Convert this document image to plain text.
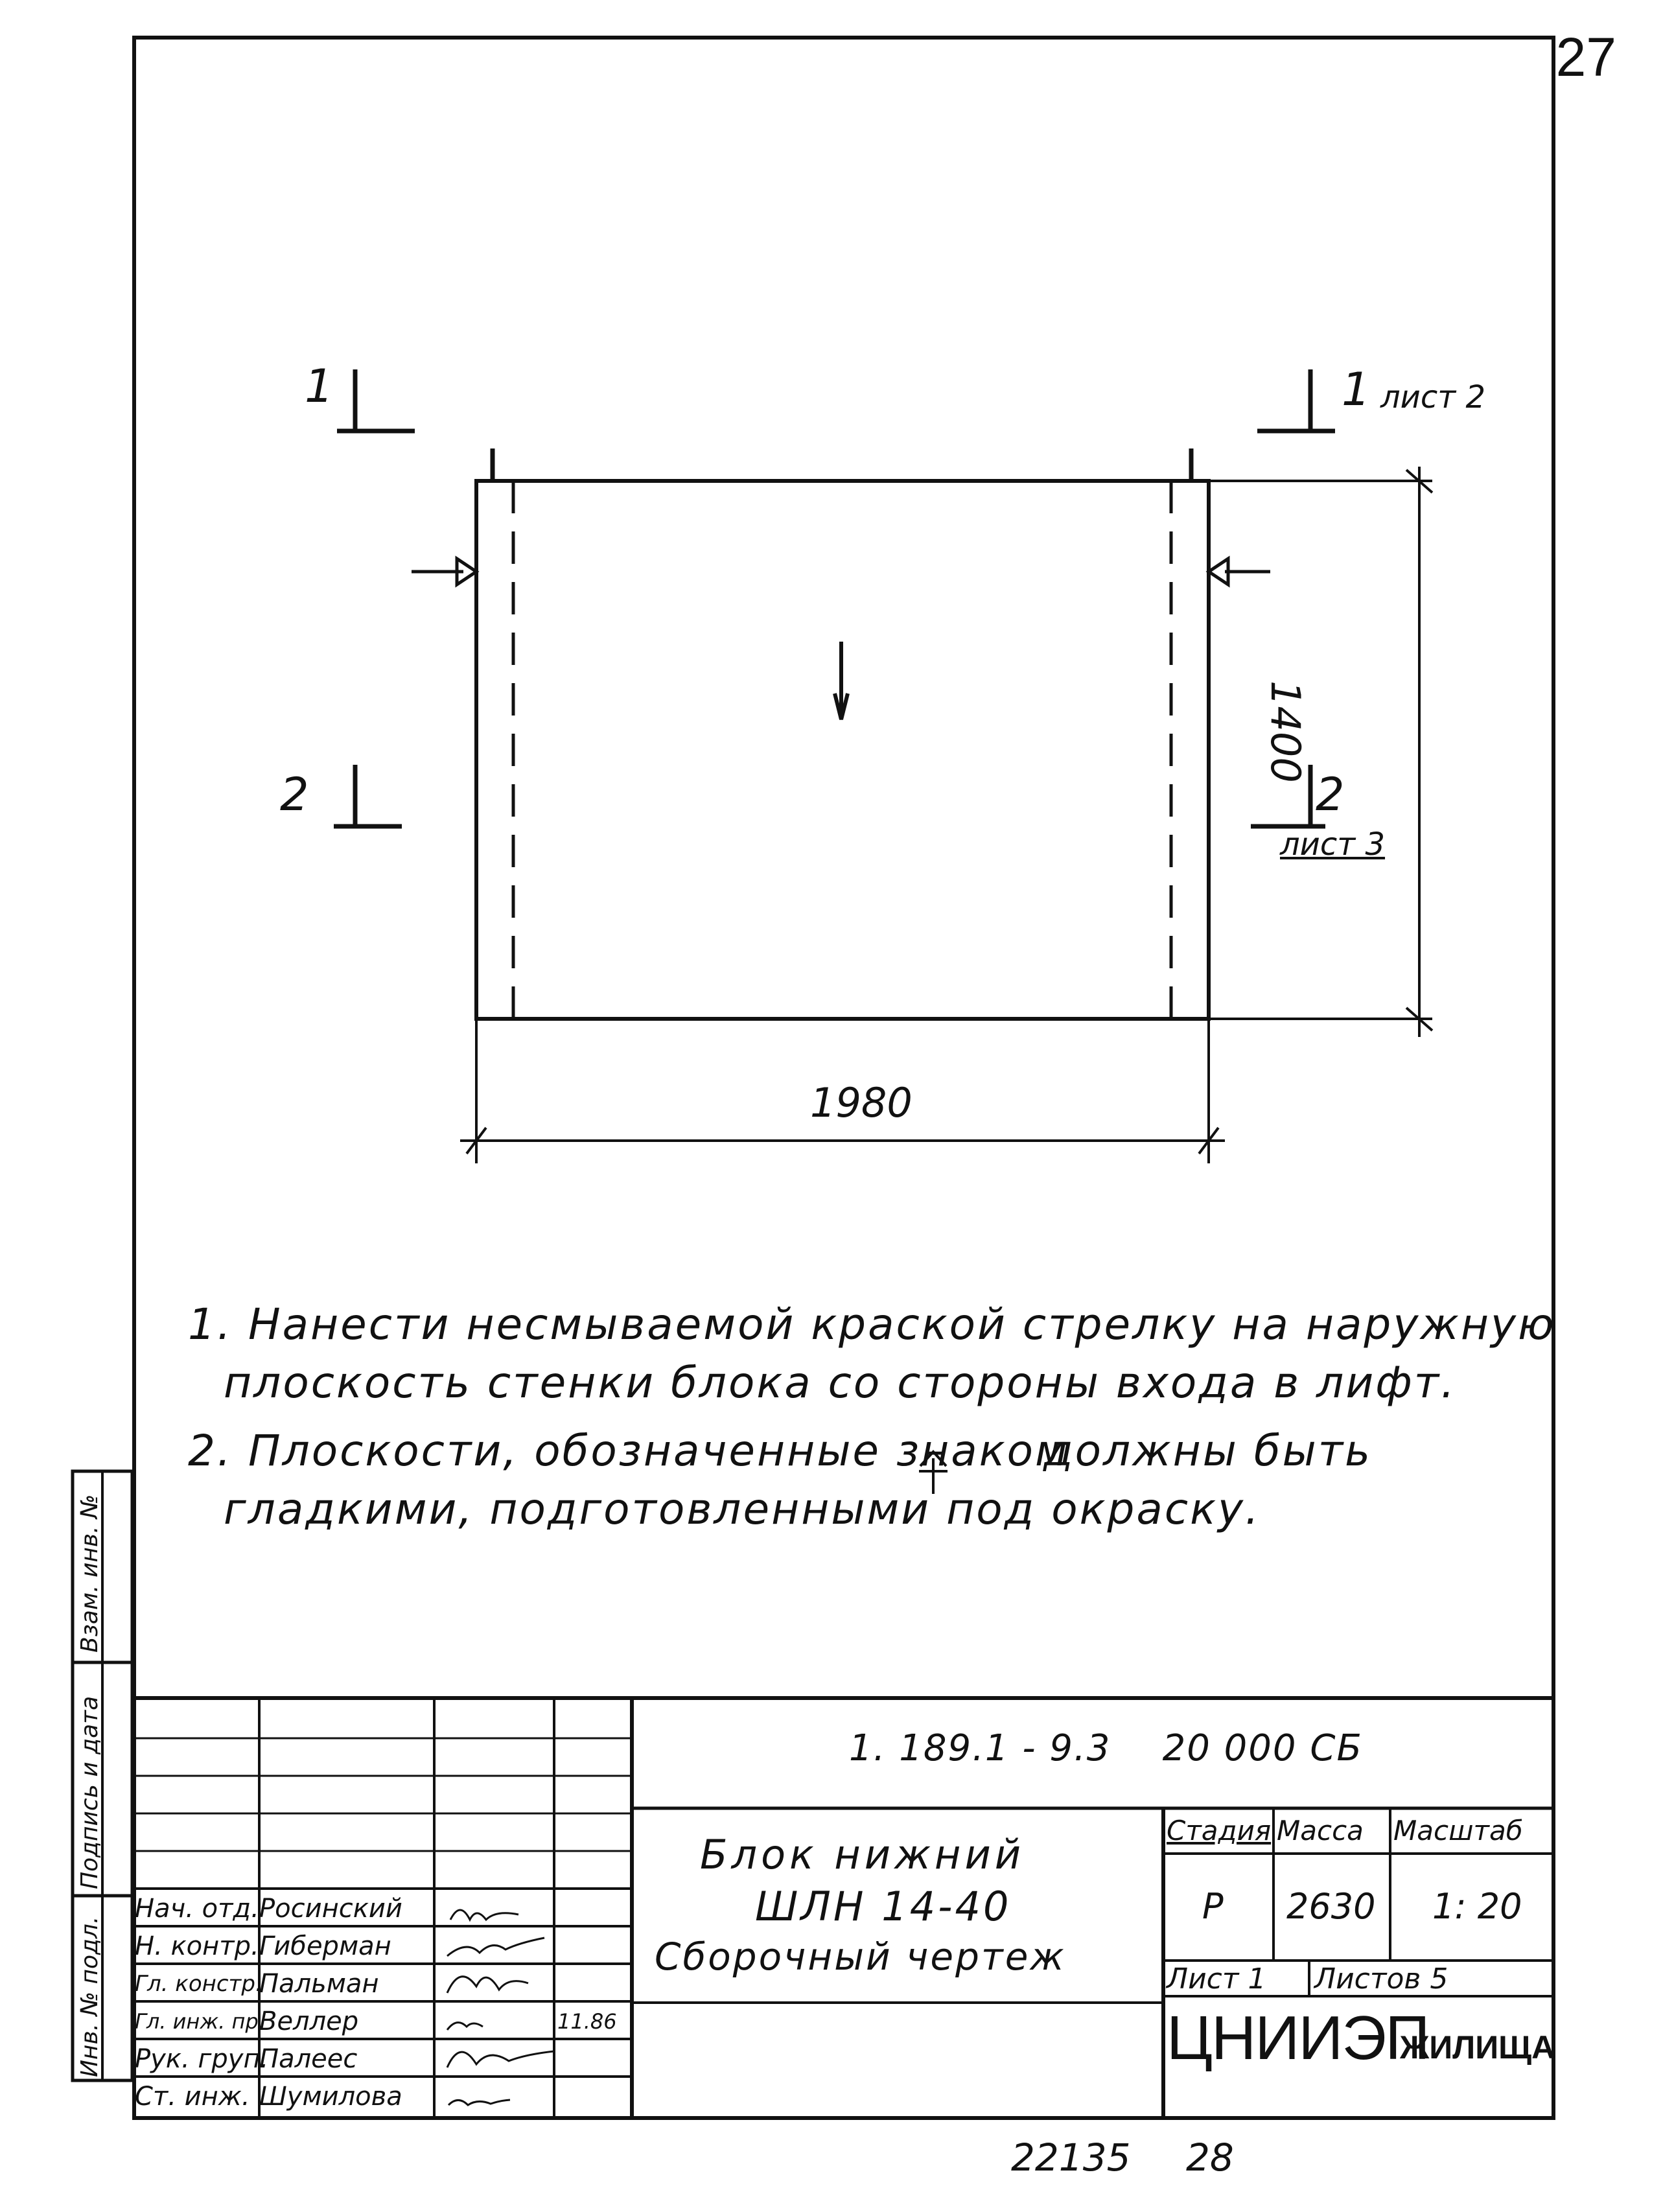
27
1	1 лист 2
2	2
лист 3
1400
1980
1. Нанести несмываемой краской стрелку на наружную
плоскость стенки блока со стороны входа в лифт.
2. Плоскости, обозначенные знаком
должны быть
гладкими, подготовленными под окраску.
Взам. инв. №
Подпись и дата
Инв. № подл.
1. 189.1 - 9.3    20 000 СБ
Блок нижний
ШЛН 14-40
Сборочный чертеж
Стадия Масса Масштаб
Р 2630 1: 20
Лист 1 Листов 5
ЦНИИЭП
ЖИЛИЩА
11.86
Нач. отд. Росинский
Н. контр. Гиберман
Гл. констр.
Пальман
Гл. инж. пр.
Веллер
Рук. груп.
Палеес
Ст. инж. Шумилова
22135 28
